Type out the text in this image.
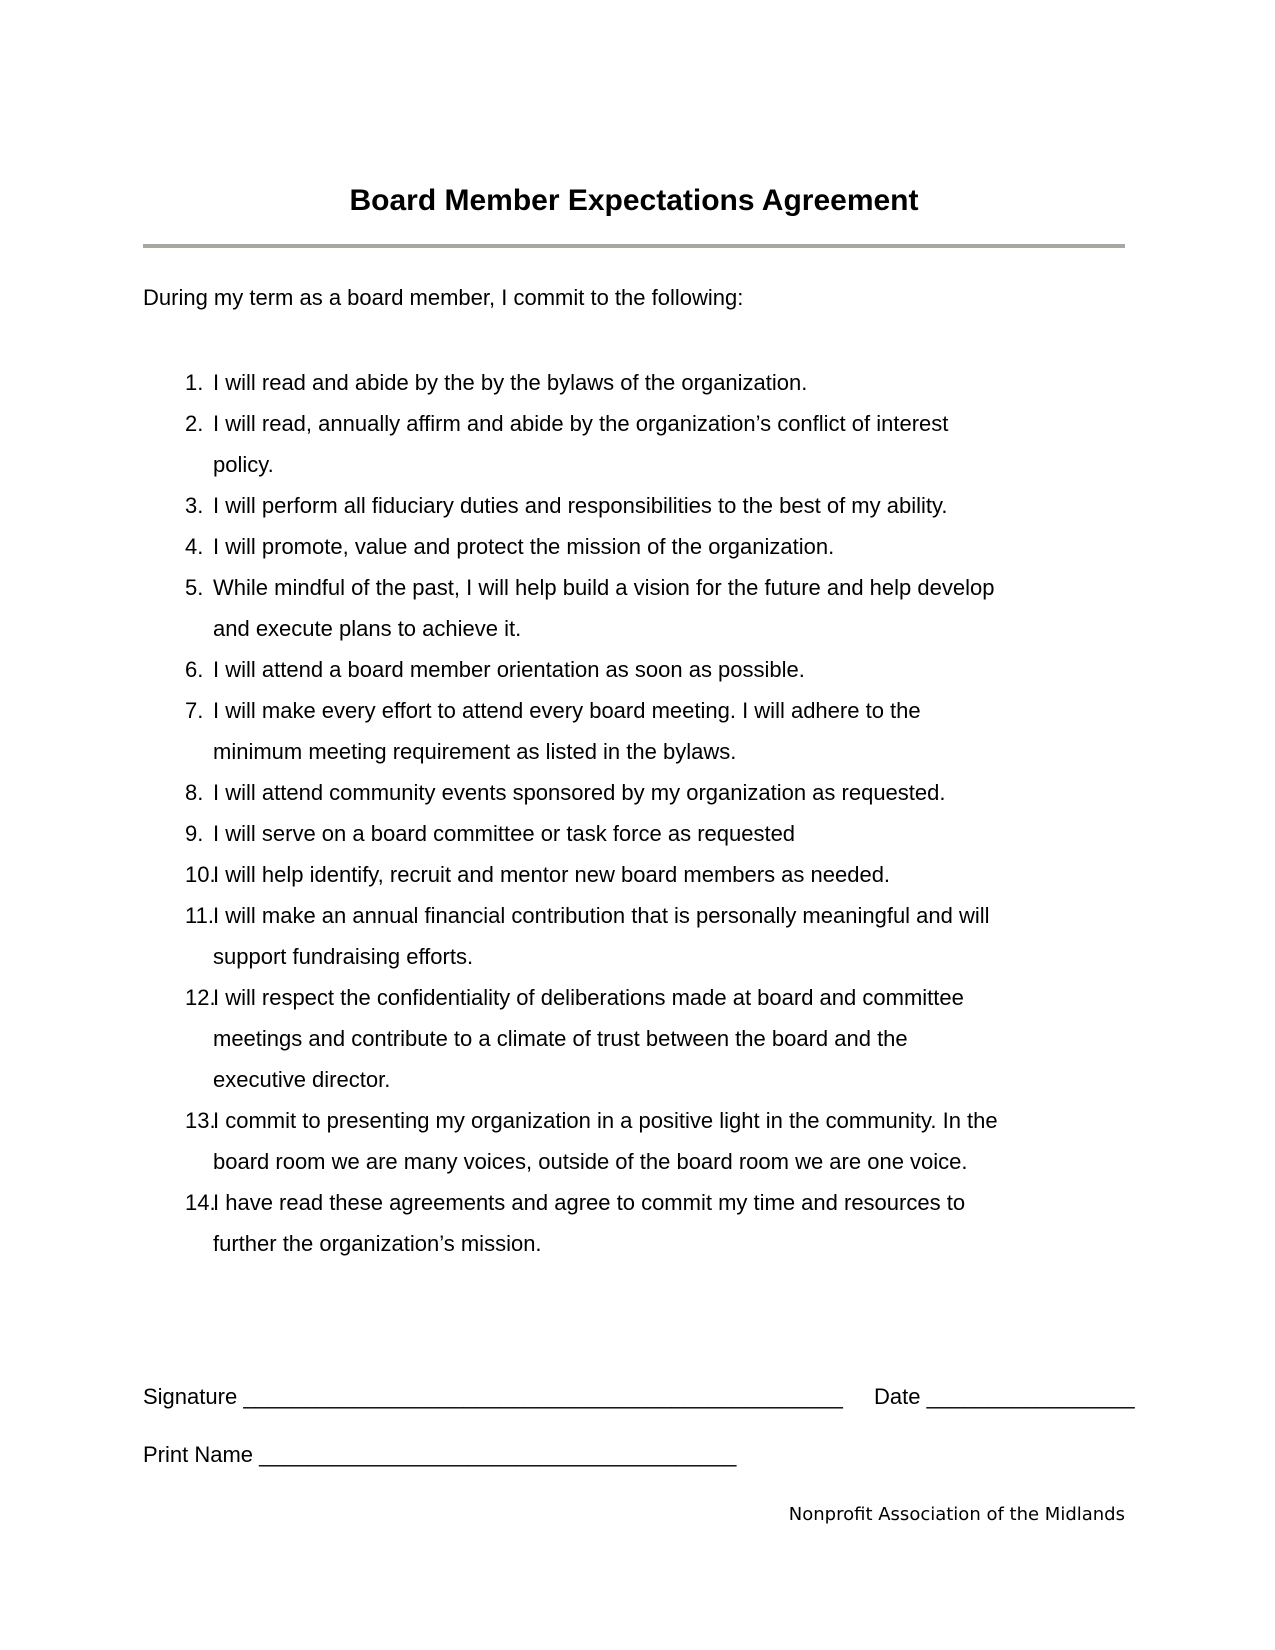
Board Member Expectations Agreement
During my term as a board member, I commit to the following:
1. I will read and abide by the by the bylaws of the organization.
2. I will read, annually affirm and abide by the organization’s conflict of interest
policy.
3. I will perform all fiduciary duties and responsibilities to the best of my ability.
4. I will promote, value and protect the mission of the organization.
5. While mindful of the past, I will help build a vision for the future and help develop
and execute plans to achieve it.
6. I will attend a board member orientation as soon as possible.
7. I will make every effort to attend every board meeting. I will adhere to the
minimum meeting requirement as listed in the bylaws.
8. I will attend community events sponsored by my organization as requested.
9. I will serve on a board committee or task force as requested
10.
I will help identify, recruit and mentor new board members as needed.
11. I will make an annual financial contribution that is personally meaningful and will
support fundraising efforts.
12.
I will respect the confidentiality of deliberations made at board and committee
meetings and contribute to a climate of trust between the board and the
executive director.
13.
I commit to presenting my organization in a positive light in the community. In the
board room we are many voices, outside of the board room we are one voice.
14.
I have read these agreements and agree to commit my time and resources to
further the organization’s mission.
Signature _________________________________________________ Date _________________
Print Name _______________________________________
Nonprofit Association of the Midlands
